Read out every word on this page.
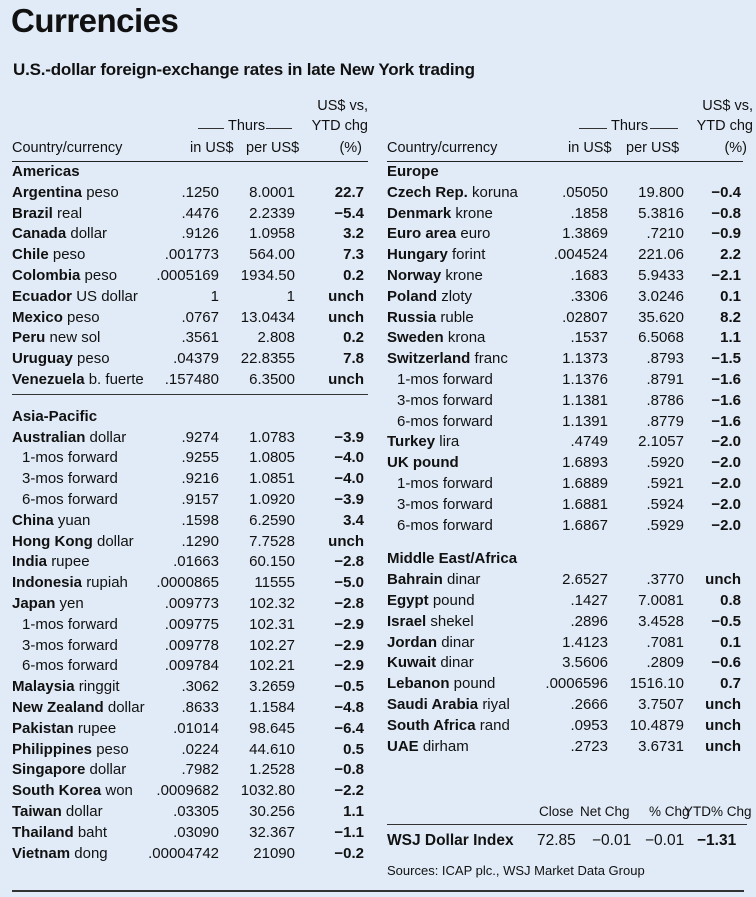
Currencies
U.S.-dollar foreign-exchange rates in late New York trading
US$ vs,
Thurs	YTD chg
Country/currency	in US$ per US$	(%)
Americas
Argentina peso	.1250 8.0001	22.7
Brazil real	.4476 2.2339	−5.4
Canada dollar	.9126 1.0958	3.2
Chile peso	.001773 564.00	7.3
Colombia peso	.0005169 1934.50	0.2
Ecuador US dollar	1	1 unch
Mexico peso	.0767 13.0434 unch
Peru new sol	.3561	2.808	0.2
Uruguay peso	.04379 22.8355	7.8
Venezuela b. fuerte .157480 6.3500 unch
Asia-Pacific
Australian dollar	.9274 1.0783	−3.9
1-mos forward	.9255 1.0805	−4.0
3-mos forward	.9216 1.0851	−4.0
6-mos forward	.9157 1.0920	−3.9
China yuan	.1598 6.2590	3.4
Hong Kong dollar	.1290 7.7528 unch
India rupee	.01663 60.150	−2.8
Indonesia rupiah .0000865 11555	−5.0
Japan yen	.009773 102.32	−2.8
1-mos forward	.009775 102.31	−2.9
3-mos forward	.009778 102.27	−2.9
6-mos forward	.009784 102.21	−2.9
Malaysia ringgit	.3062 3.2659	−0.5
New Zealand dollar .8633 1.1584	−4.8
Pakistan rupee	.01014 98.645	−6.4
Philippines peso	.0224 44.610	0.5
Singapore dollar	.7982 1.2528	−0.8
South Korea won .0009682 1032.80	−2.2
Taiwan dollar	.03305 30.256	1.1
Thailand baht	.03090 32.367	−1.1
Vietnam dong	.00004742 21090	−0.2
US$ vs,
Thurs	YTD chg
Country/currency	in US$ per US$	(%)
Europe
Czech Rep. koruna	.05050 19.800 −0.4
Denmark krone	.1858 5.3816 −0.8
Euro area euro	1.3869	.7210 −0.9
Hungary forint	.004524 221.06 2.2
Norway krone	.1683 5.9433 −2.1
Poland zloty	.3306 3.0246 0.1
Russia ruble	.02807 35.620 8.2
Sweden krona	.1537 6.5068 1.1
Switzerland franc	1.1373	.8793 −1.5
1-mos forward	1.1376	.8791 −1.6
3-mos forward	1.1381	.8786 −1.6
6-mos forward	1.1391	.8779 −1.6
Turkey lira	.4749 2.1057 −2.0
UK pound	1.6893	.5920 −2.0
1-mos forward	1.6889	.5921 −2.0
3-mos forward	1.6881	.5924 −2.0
6-mos forward	1.6867	.5929 −2.0
Middle East/Africa
Bahrain dinar	2.6527	.3770 unch
Egypt pound	.1427 7.0081 0.8
Israel shekel	.2896 3.4528 −0.5
Jordan dinar	1.4123	.7081 0.1
Kuwait dinar	3.5606	.2809 −0.6
Lebanon pound	.0006596 1516.10 0.7
Saudi Arabia riyal	.2666 3.7507 unch
South Africa rand	.0953 10.4879 unch
UAE dirham	.2723 3.6731 unch
Close Net Chg % Chg
YTD% Chg
WSJ Dollar Index 72.85 −0.01 −0.01 −1.31
Sources: ICAP plc., WSJ Market Data Group
